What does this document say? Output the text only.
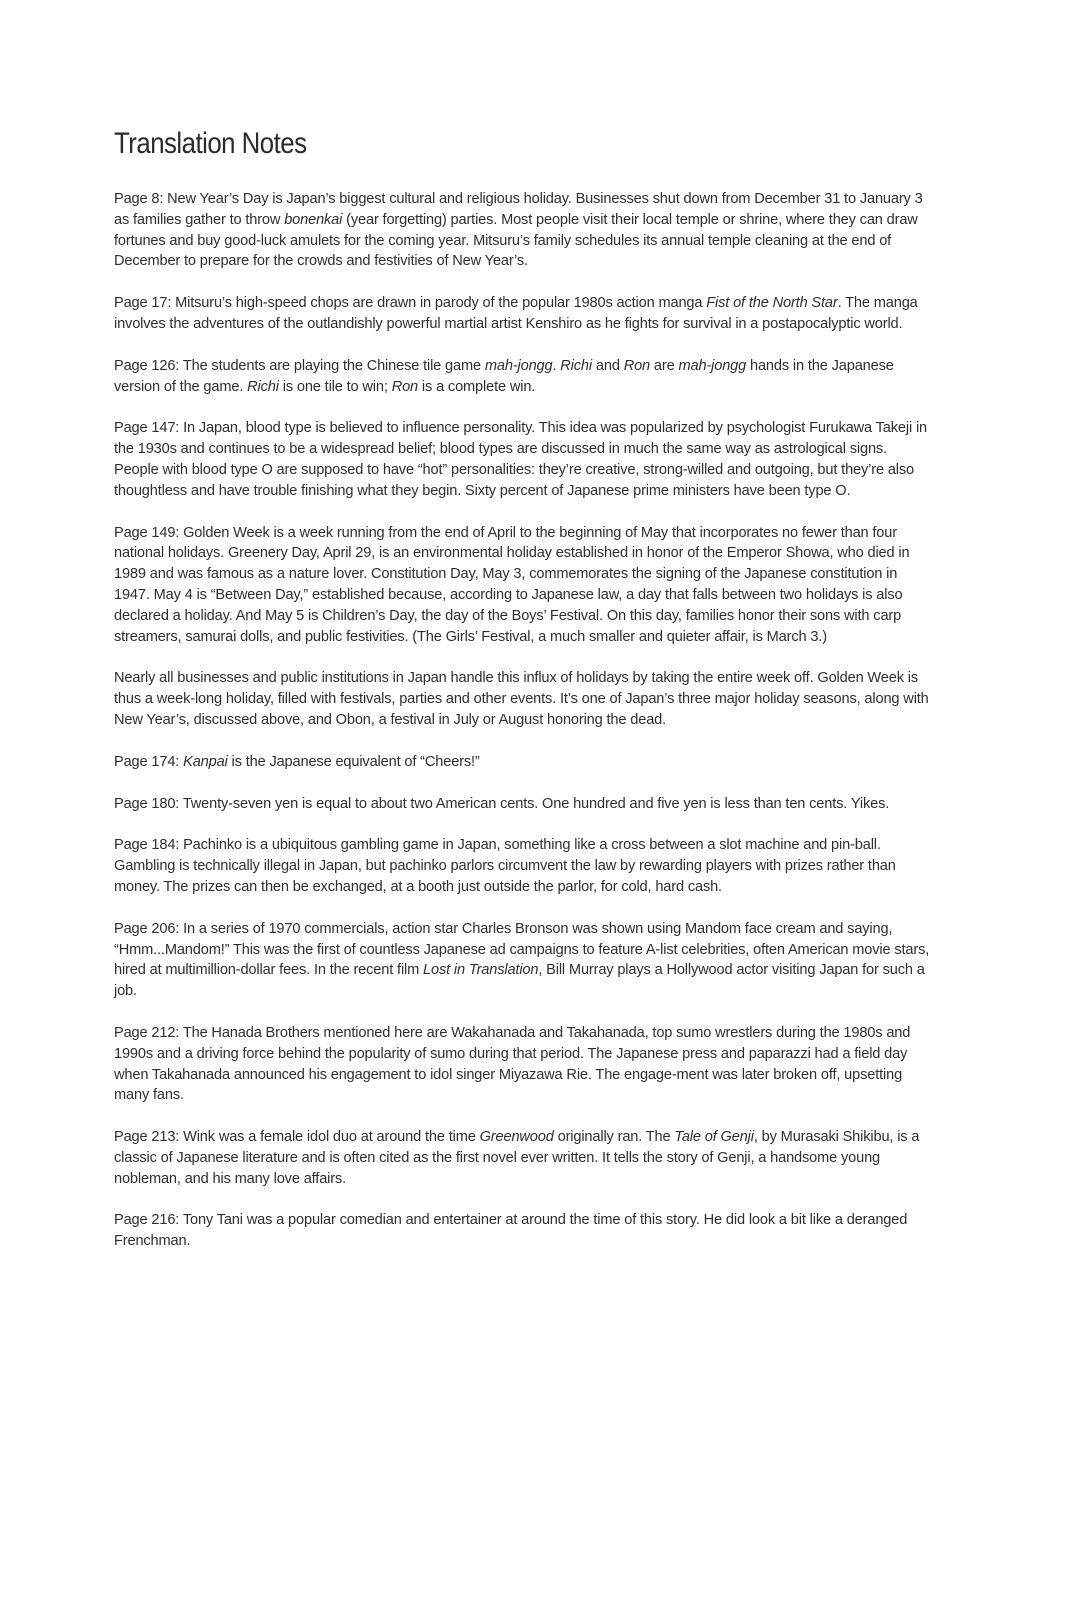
Translation Notes

Page 8: New Year’s Day is Japan’s biggest cultural and religious holiday. Businesses shut down from December 31 to January 3 as families gather to throw bonenkai (year forgetting) parties. Most people visit their local temple or shrine, where they can draw fortunes and buy good-luck amulets for the coming year. Mitsuru’s family schedules its annual temple cleaning at the end of December to prepare for the crowds and festivities of New Year’s.

Page 17: Mitsuru’s high-speed chops are drawn in parody of the popular 1980s action manga Fist of the North Star. The manga involves the adventures of the outlandishly powerful martial artist Kenshiro as he fights for survival in a postapocalyptic world.

Page 126: The students are playing the Chinese tile game mah-jongg. Richi and Ron are mah-jongg hands in the Japanese version of the game. Richi is one tile to win; Ron is a complete win.

Page 147: In Japan, blood type is believed to influence personality. This idea was popularized by psychologist Furukawa Takeji in the 1930s and continues to be a widespread belief; blood types are discussed in much the same way as astrological signs. People with blood type O are supposed to have “hot” personalities: they’re creative, strong-willed and outgoing, but they’re also thoughtless and have trouble finishing what they begin. Sixty percent of Japanese prime ministers have been type O.

Page 149: Golden Week is a week running from the end of April to the beginning of May that incorporates no fewer than four national holidays. Greenery Day, April 29, is an environmental holiday established in honor of the Emperor Showa, who died in 1989 and was famous as a nature lover. Constitution Day, May 3, commemorates the signing of the Japanese constitution in 1947. May 4 is “Between Day,” established because, according to Japanese law, a day that falls between two holidays is also declared a holiday. And May 5 is Children’s Day, the day of the Boys’ Festival. On this day, families honor their sons with carp streamers, samurai dolls, and public festivities. (The Girls’ Festival, a much smaller and quieter affair, is March 3.)

Nearly all businesses and public institutions in Japan handle this influx of holidays by taking the entire week off. Golden Week is thus a week-long holiday, filled with festivals, parties and other events. It’s one of Japan’s three major holiday seasons, along with New Year’s, discussed above, and Obon, a festival in July or August honoring the dead.

Page 174: Kanpai is the Japanese equivalent of “Cheers!”

Page 180: Twenty-seven yen is equal to about two American cents. One hundred and five yen is less than ten cents. Yikes.

Page 184: Pachinko is a ubiquitous gambling game in Japan, something like a cross between a slot machine and pin-ball. Gambling is technically illegal in Japan, but pachinko parlors circumvent the law by rewarding players with prizes rather than money. The prizes can then be exchanged, at a booth just outside the parlor, for cold, hard cash.

Page 206: In a series of 1970 commercials, action star Charles Bronson was shown using Mandom face cream and saying, “Hmm...Mandom!” This was the first of countless Japanese ad campaigns to feature A-list celebrities, often American movie stars, hired at multimillion-dollar fees. In the recent film Lost in Translation, Bill Murray plays a Hollywood actor visiting Japan for such a job.

Page 212: The Hanada Brothers mentioned here are Wakahanada and Takahanada, top sumo wrestlers during the 1980s and 1990s and a driving force behind the popularity of sumo during that period. The Japanese press and paparazzi had a field day when Takahanada announced his engagement to idol singer Miyazawa Rie. The engage-ment was later broken off, upsetting many fans.

Page 213: Wink was a female idol duo at around the time Greenwood originally ran. The Tale of Genji, by Murasaki Shikibu, is a classic of Japanese literature and is often cited as the first novel ever written. It tells the story of Genji, a handsome young nobleman, and his many love affairs.

Page 216: Tony Tani was a popular comedian and entertainer at around the time of this story. He did look a bit like a deranged Frenchman.
